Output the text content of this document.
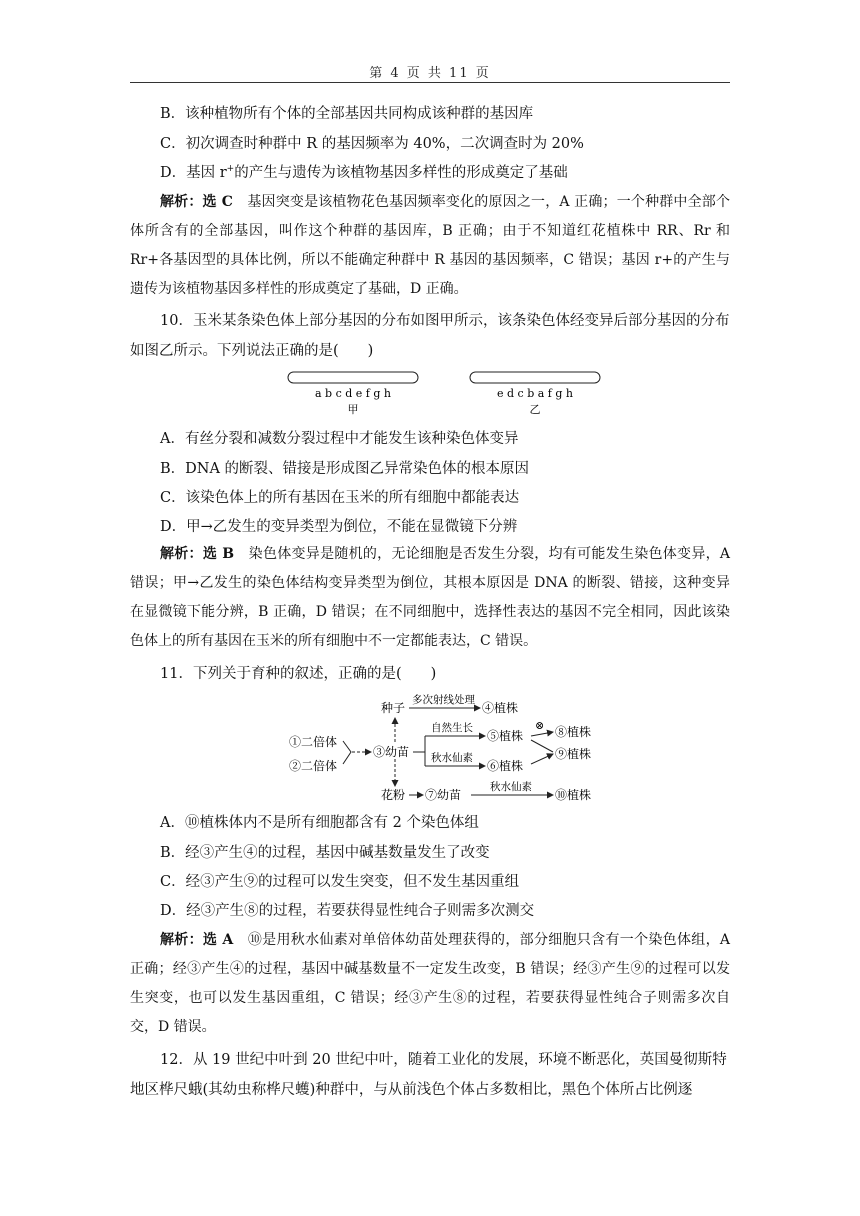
第 4 页 共 11 页
B．该种植物所有个体的全部基因共同构成该种群的基因库
C．初次调查时种群中 R 的基因频率为 40%，二次调查时为 20%
D．基因 r+的产生与遗传为该植物基因多样性的形成奠定了基础

解析：选 C　基因突变是该植物花色基因频率变化的原因之一，A 正确；一个种群中全部个体所含有的全部基因，叫作这个种群的基因库，B 正确；由于不知道红花植株中 RR、Rr 和 Rr+各基因型的具体比例，所以不能确定种群中 R 基因的基因频率，C 错误；基因 r+的产生与遗传为该植物基因多样性的形成奠定了基础，D 正确。

10．玉米某条染色体上部分基因的分布如图甲所示，该条染色体经变异后部分基因的分布如图乙所示。下列说法正确的是(　　)

a b c d e f g h
甲
e d c b a f g h
乙
A．有丝分裂和减数分裂过程中才能发生该种染色体变异
B．DNA 的断裂、错接是形成图乙异常染色体的根本原因
C．该染色体上的所有基因在玉米的所有细胞中都能表达
D．甲→乙发生的变异类型为倒位，不能在显微镜下分辨

解析：选 B　染色体变异是随机的，无论细胞是否发生分裂，均有可能发生染色体变异，A 错误；甲→乙发生的染色体结构变异类型为倒位，其根本原因是 DNA 的断裂、错接，这种变异在显微镜下能分辨，B 正确，D 错误；在不同细胞中，选择性表达的基因不完全相同，因此该染色体上的所有基因在玉米的所有细胞中不一定都能表达，C 错误。

11．下列关于育种的叙述，正确的是(　　)

①二倍体
②二倍体
③幼苗
种子
花粉
多次射线处理
④植株
自然生长
⑤植株
秋水仙素
⑥植株
⊗ ⑧植株
⑨植株
⑦幼苗
秋水仙素
⑩植株
A．⑩植株体内不是所有细胞都含有 2 个染色体组
B．经③产生④的过程，基因中碱基数量发生了改变
C．经③产生⑨的过程可以发生突变，但不发生基因重组
D．经③产生⑧的过程，若要获得显性纯合子则需多次测交

解析：选 A　⑩是用秋水仙素对单倍体幼苗处理获得的，部分细胞只含有一个染色体组，A 正确；经③产生④的过程，基因中碱基数量不一定发生改变，B 错误；经③产生⑨的过程可以发生突变，也可以发生基因重组，C 错误；经③产生⑧的过程，若要获得显性纯合子则需多次自交，D 错误。

12．从 19 世纪中叶到 20 世纪中叶，随着工业化的发展，环境不断恶化，英国曼彻斯特地区桦尺蛾(其幼虫称桦尺蠖)种群中，与从前浅色个体占多数相比，黑色个体所占比例逐
